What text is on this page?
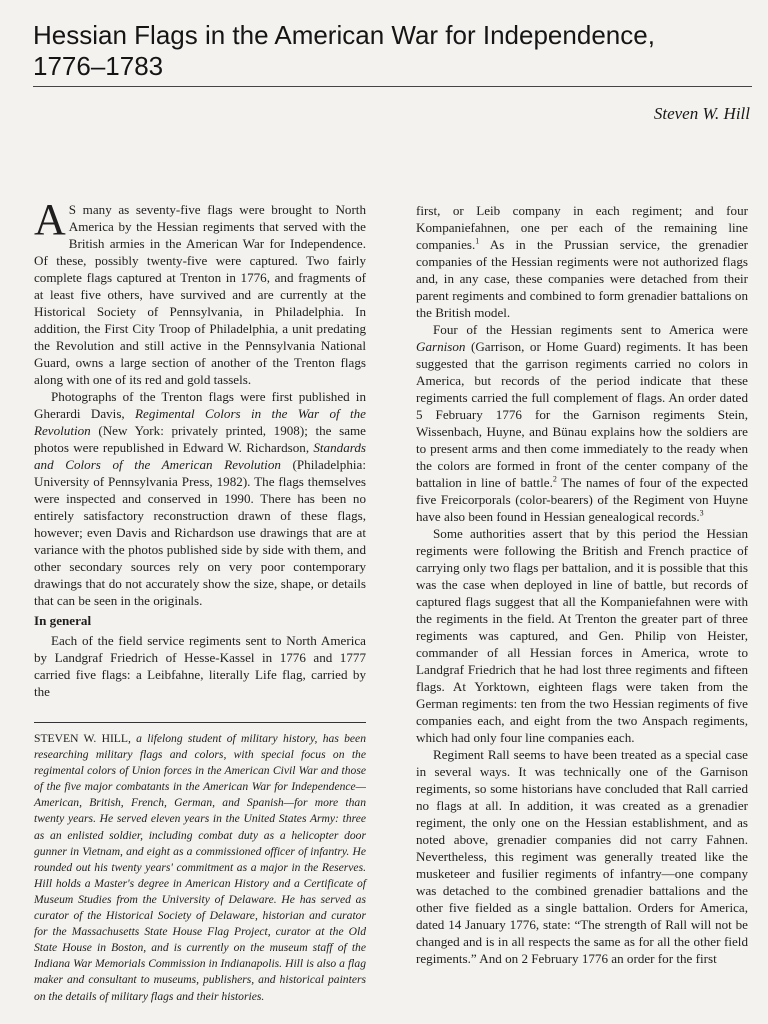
Hessian Flags in the American War for Independence,
1776–1783
Steven W. Hill

A S many as seventy-five flags were brought to North America by the Hessian regiments that served with the British armies in the American War for Independence. Of these, possibly twenty-five were captured. Two fairly complete flags captured at Trenton in 1776, and fragments of at least five others, have survived and are currently at the Historical Society of Pennsylvania, in Philadelphia. In addition, the First City Troop of Philadelphia, a unit predating the Revolution and still active in the Pennsylvania National Guard, owns a large section of another of the Trenton flags along with one of its red and gold tassels.

Photographs of the Trenton flags were first published in Gherardi Davis, Regimental Colors in the War of the Revolution (New York: privately printed, 1908); the same photos were republished in Edward W. Richardson, Standards and Colors of the American Revolution (Philadelphia: University of Pennsylvania Press, 1982). The flags themselves were inspected and conserved in 1990. There has been no entirely satisfactory reconstruction drawn of these flags, however; even Davis and Richardson use drawings that are at variance with the photos published side by side with them, and other secondary sources rely on very poor contemporary drawings that do not accurately show the size, shape, or details that can be seen in the originals.

In general

Each of the field service regiments sent to North America by Landgraf Friedrich of Hesse-Kassel in 1776 and 1777 carried five flags: a Leibfahne, literally Life flag, carried by the

STEVEN W. HILL, a lifelong student of military history, has been researching military flags and colors, with special focus on the regimental colors of Union forces in the American Civil War and those of the five major combatants in the American War for Independence—American, British, French, German, and Spanish—for more than twenty years. He served eleven years in the United States Army: three as an enlisted soldier, including combat duty as a helicopter door gunner in Vietnam, and eight as a commissioned officer of infantry. He rounded out his twenty years' commitment as a major in the Reserves. Hill holds a Master's degree in American History and a Certificate of Museum Studies from the University of Delaware. He has served as curator of the Historical Society of Delaware, historian and curator for the Massachusetts State House Flag Project, curator at the Old State House in Boston, and is currently on the museum staff of the Indiana War Memorials Commission in Indianapolis. Hill is also a flag maker and consultant to museums, publishers, and historical painters on the details of military flags and their histories.

first, or Leib company in each regiment; and four Kompaniefahnen, one per each of the remaining line companies.$^1$ As in the Prussian service, the grenadier companies of the Hessian regiments were not authorized flags and, in any case, these companies were detached from their parent regiments and combined to form grenadier battalions on the British model.

Four of the Hessian regiments sent to America were Garnison (Garrison, or Home Guard) regiments. It has been suggested that the garrison regiments carried no colors in America, but records of the period indicate that these regiments carried the full complement of flags. An order dated 5 February 1776 for the Garnison regiments Stein, Wissenbach, Huyne, and Bünau explains how the soldiers are to present arms and then come immediately to the ready when the colors are formed in front of the center company of the battalion in line of battle.$^2$ The names of four of the expected five Freicorporals (color-bearers) of the Regiment von Huyne have also been found in Hessian genealogical records.$^3$

Some authorities assert that by this period the Hessian regiments were following the British and French practice of carrying only two flags per battalion, and it is possible that this was the case when deployed in line of battle, but records of captured flags suggest that all the Kompaniefahnen were with the regiments in the field. At Trenton the greater part of three regiments was captured, and Gen. Philip von Heister, commander of all Hessian forces in America, wrote to Landgraf Friedrich that he had lost three regiments and fifteen flags. At Yorktown, eighteen flags were taken from the German regiments: ten from the two Hessian regiments of five companies each, and eight from the two Anspach regiments, which had only four line companies each.

Regiment Rall seems to have been treated as a special case in several ways. It was technically one of the Garnison regiments, so some historians have concluded that Rall carried no flags at all. In addition, it was created as a grenadier regiment, the only one on the Hessian establishment, and as noted above, grenadier companies did not carry Fahnen. Nevertheless, this regiment was generally treated like the musketeer and fusilier regiments of infantry—one company was detached to the combined grenadier battalions and the other five fielded as a single battalion. Orders for America, dated 14 January 1776, state: “The strength of Rall will not be changed and is in all respects the same as for all the other field regiments.” And on 2 February 1776 an order for the first
